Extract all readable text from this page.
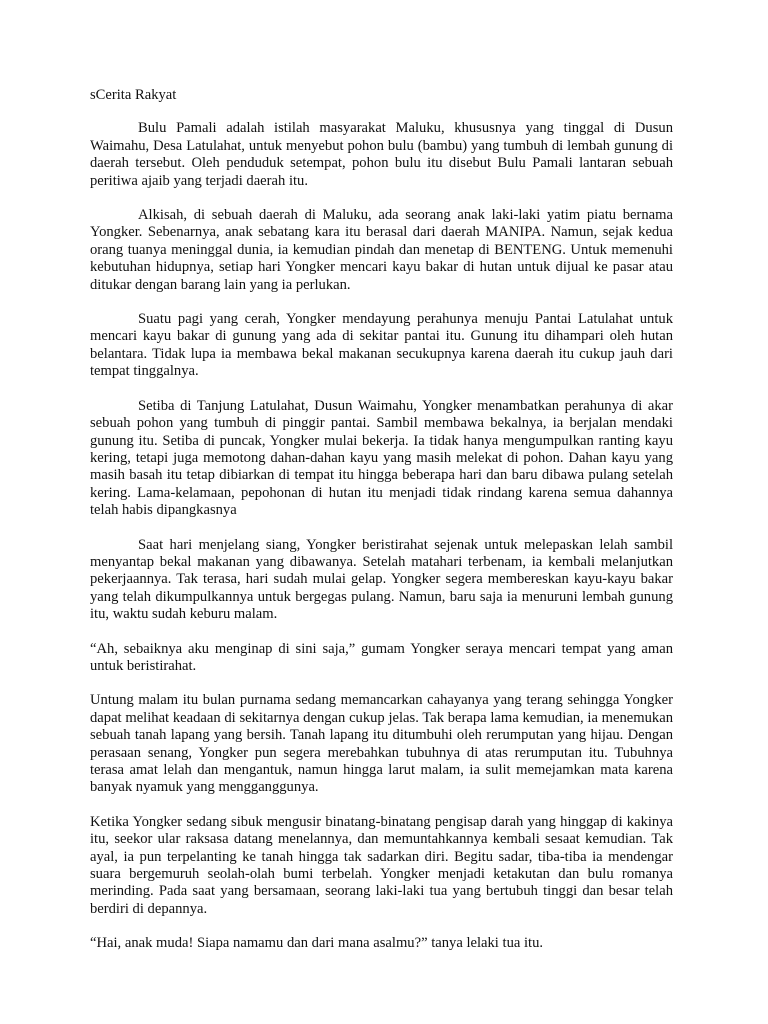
sCerita Rakyat

Bulu Pamali adalah istilah masyarakat Maluku, khususnya yang tinggal di Dusun Waimahu, Desa Latulahat, untuk menyebut pohon bulu (bambu) yang tumbuh di lembah gunung di daerah tersebut. Oleh penduduk setempat, pohon bulu itu disebut Bulu Pamali lantaran sebuah peritiwa ajaib yang terjadi daerah itu.

Alkisah, di sebuah daerah di Maluku, ada seorang anak laki-laki yatim piatu bernama Yongker. Sebenarnya, anak sebatang kara itu berasal dari daerah MANIPA. Namun, sejak kedua orang tuanya meninggal dunia, ia kemudian pindah dan menetap di BENTENG. Untuk memenuhi kebutuhan hidupnya, setiap hari Yongker mencari kayu bakar di hutan untuk dijual ke pasar atau ditukar dengan barang lain yang ia perlukan.

Suatu pagi yang cerah, Yongker mendayung perahunya menuju Pantai Latulahat untuk mencari kayu bakar di gunung yang ada di sekitar pantai itu. Gunung itu dihampari oleh hutan belantara. Tidak lupa ia membawa bekal makanan secukupnya karena daerah itu cukup jauh dari tempat tinggalnya.

Setiba di Tanjung Latulahat, Dusun Waimahu, Yongker menambatkan perahunya di akar sebuah pohon yang tumbuh di pinggir pantai. Sambil membawa bekalnya, ia berjalan mendaki gunung itu. Setiba di puncak, Yongker mulai bekerja. Ia tidak hanya mengumpulkan ranting kayu kering, tetapi juga memotong dahan-dahan kayu yang masih melekat di pohon. Dahan kayu yang masih basah itu tetap dibiarkan di tempat itu hingga beberapa hari dan baru dibawa pulang setelah kering. Lama-kelamaan, pepohonan di hutan itu menjadi tidak rindang karena semua dahannya telah habis dipangkasnya

Saat hari menjelang siang, Yongker beristirahat sejenak untuk melepaskan lelah sambil menyantap bekal makanan yang dibawanya. Setelah matahari terbenam, ia kembali melanjutkan pekerjaannya. Tak terasa, hari sudah mulai gelap. Yongker segera membereskan kayu-kayu bakar yang telah dikumpulkannya untuk bergegas pulang. Namun, baru saja ia menuruni lembah gunung itu, waktu sudah keburu malam.

“Ah, sebaiknya aku menginap di sini saja,” gumam Yongker seraya mencari tempat yang aman untuk beristirahat.

Untung malam itu bulan purnama sedang memancarkan cahayanya yang terang sehingga Yongker dapat melihat keadaan di sekitarnya dengan cukup jelas. Tak berapa lama kemudian, ia menemukan sebuah tanah lapang yang bersih. Tanah lapang itu ditumbuhi oleh rerumputan yang hijau. Dengan perasaan senang, Yongker pun segera merebahkan tubuhnya di atas rerumputan itu. Tubuhnya terasa amat lelah dan mengantuk, namun hingga larut malam, ia sulit memejamkan mata karena banyak nyamuk yang mengganggunya.

Ketika Yongker sedang sibuk mengusir binatang-binatang pengisap darah yang hinggap di kakinya itu, seekor ular raksasa datang menelannya, dan memuntahkannya kembali sesaat kemudian. Tak ayal, ia pun terpelanting ke tanah hingga tak sadarkan diri. Begitu sadar, tiba-tiba ia mendengar suara bergemuruh seolah-olah bumi terbelah. Yongker menjadi ketakutan dan bulu romanya merinding. Pada saat yang bersamaan, seorang laki-laki tua yang bertubuh tinggi dan besar telah berdiri di depannya.

“Hai, anak muda! Siapa namamu dan dari mana asalmu?” tanya lelaki tua itu.
